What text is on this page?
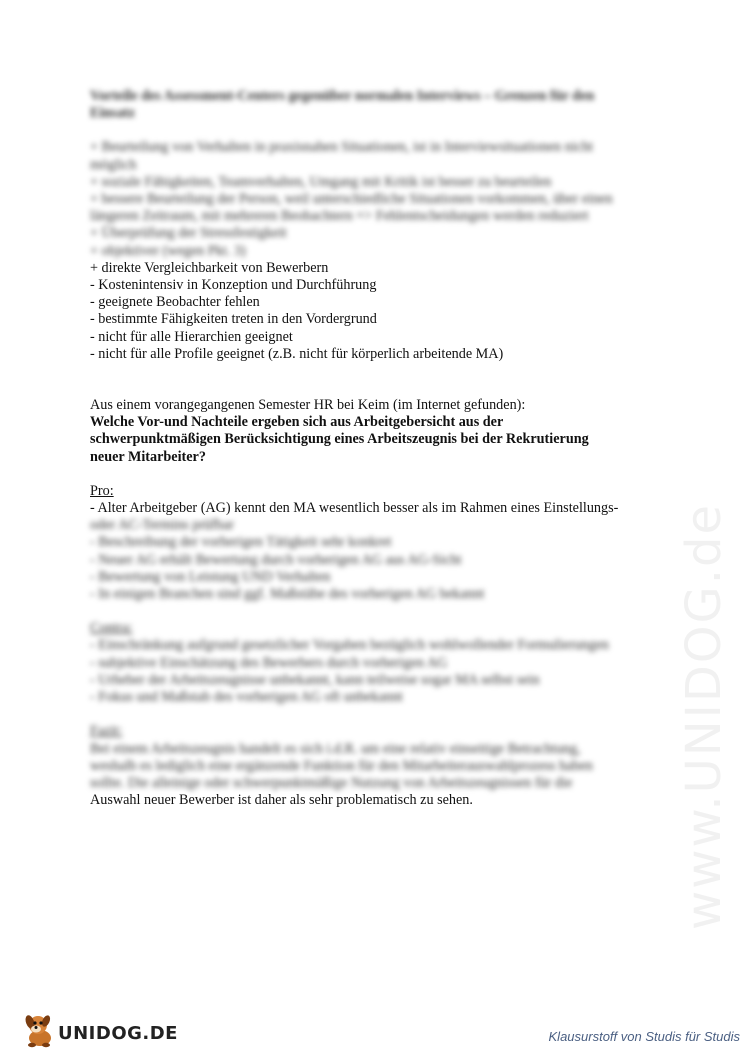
www.UNIDOG.de
Vorteile des Assessment-Centers gegenüber normalen Interviews – Grenzen für den
Einsatz
+ Beurteilung von Verhalten in praxisnahen Situationen, ist in Interviewsituationen nicht
möglich
+ soziale Fähigkeiten, Teamverhalten, Umgang mit Kritik ist besser zu beurteilen
+ bessere Beurteilung der Person, weil unterschiedliche Situationen vorkommen, über einen
längeren Zeitraum, mit mehreren Beobachtern => Fehlentscheidungen werden reduziert
+ Überprüfung der Stressfestigkeit
+ objektiver (wegen Pkt. 3)
+ direkte Vergleichbarkeit von Bewerbern
- Kostenintensiv in Konzeption und Durchführung
- geeignete Beobachter fehlen
- bestimmte Fähigkeiten treten in den Vordergrund
- nicht für alle Hierarchien geeignet
- nicht für alle Profile geeignet (z.B. nicht für körperlich arbeitende MA)
Aus einem vorangegangenen Semester HR bei Keim (im Internet gefunden):
Welche Vor-und Nachteile ergeben sich aus Arbeitgebersicht aus der
schwerpunktmäßigen Berücksichtigung eines Arbeitszeugnis bei der Rekrutierung
neuer Mitarbeiter?
Pro:
- Alter Arbeitgeber (AG) kennt den MA wesentlich besser als im Rahmen eines Einstellungs-
oder AC-Termins prüfbar
- Beschreibung der vorherigen Tätigkeit sehr konkret
- Neuer AG erhält Bewertung durch vorherigen AG aus AG-Sicht
- Bewertung von Leistung UND Verhalten
- In einigen Branchen sind ggf. Maßstäbe des vorherigen AG bekannt
Contra:
- Einschränkung aufgrund gesetzlicher Vorgaben bezüglich wohlwollender Formulierungen
- subjektive Einschätzung des Bewerbers durch vorherigen AG
- Urheber der Arbeitszeugnisse unbekannt, kann teilweise sogar MA selbst sein
- Fokus und Maßstab des vorherigen AG oft unbekannt
Fazit:
Bei einem Arbeitszeugnis handelt es sich i.d.R. um eine relativ einseitige Betrachtung,
weshalb es lediglich eine ergänzende Funktion für den Mitarbeiterauswahlprozess haben
sollte. Die alleinige oder schwerpunktmäßige Nutzung von Arbeitszeugnissen für die
Auswahl neuer Bewerber ist daher als sehr problematisch zu sehen.
UNIDOG.DE	Klausurstoff von Studis für Studis
